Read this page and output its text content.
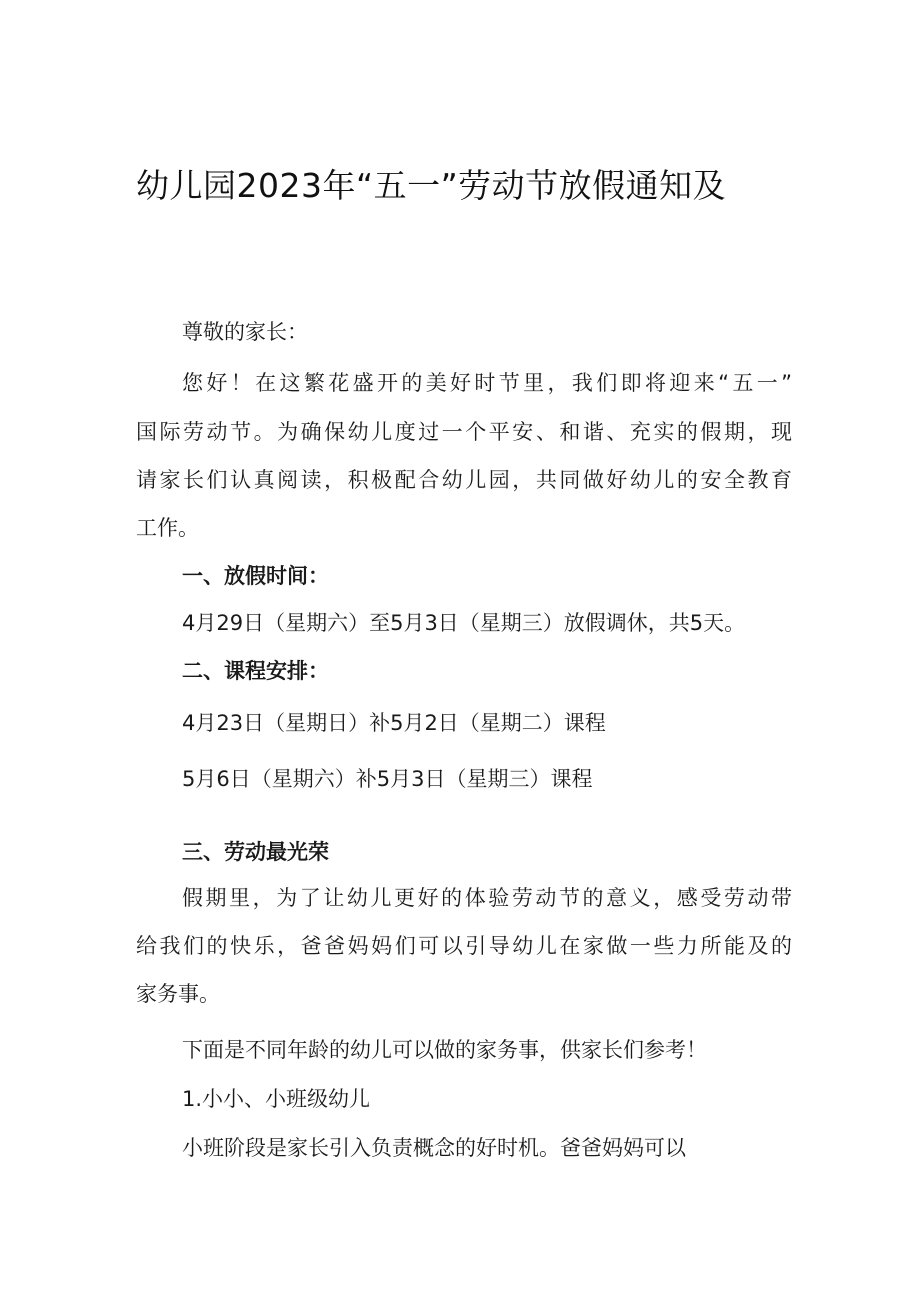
幼儿园2023年“五一”劳动节放假通知及
尊敬的家长：
您好！在这繁花盛开的美好时节里，我们即将迎来“五一”
国际劳动节。为确保幼儿度过一个平安、和谐、充实的假期，现
请家长们认真阅读，积极配合幼儿园，共同做好幼儿的安全教育
工作。
一、放假时间：
4月29日（星期六）至5月3日（星期三）放假调休，共5天。
二、课程安排：
4月23日（星期日）补5月2日（星期二）课程
5月6日（星期六）补5月3日（星期三）课程
三、劳动最光荣
假期里，为了让幼儿更好的体验劳动节的意义，感受劳动带
给我们的快乐，爸爸妈妈们可以引导幼儿在家做一些力所能及的
家务事。
下面是不同年龄的幼儿可以做的家务事，供家长们参考！
1.小小、小班级幼儿
小班阶段是家长引入负责概念的好时机。爸爸妈妈可以
